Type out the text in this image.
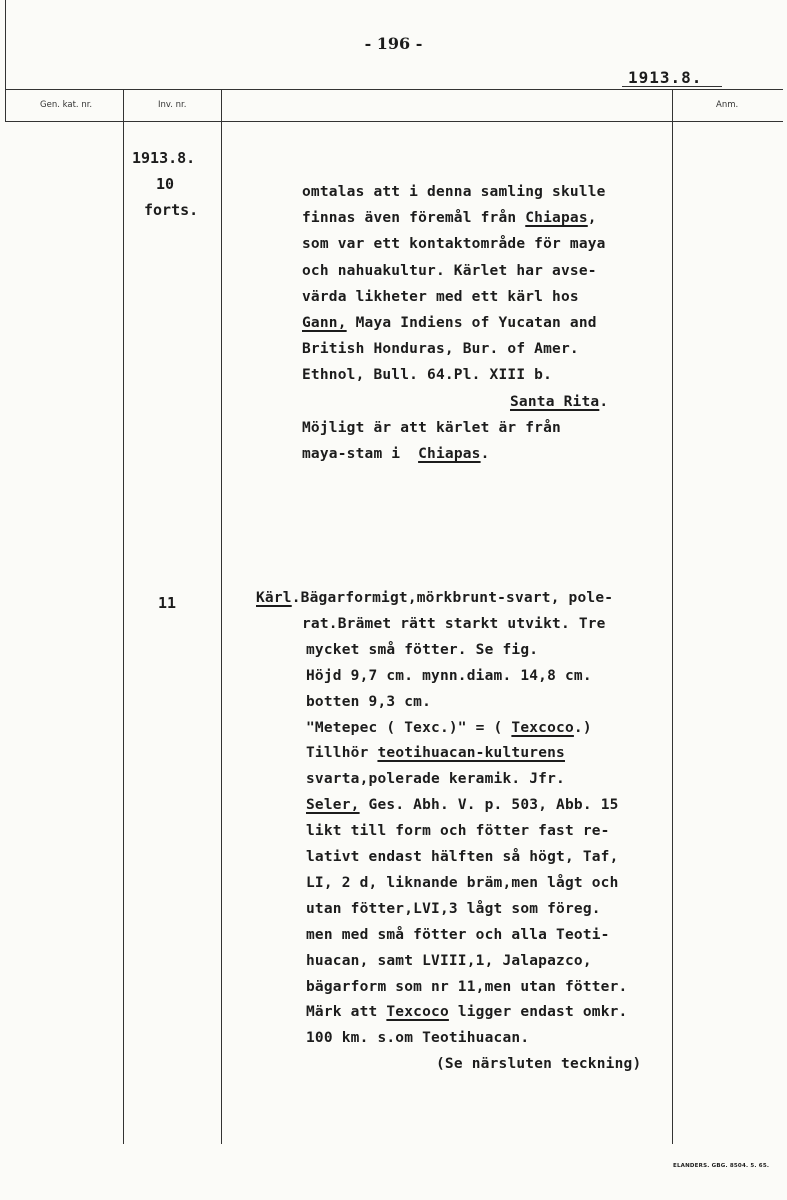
- 196 -
1913.8.
Gen. kat. nr.	Inv. nr.	Anm.
1913.8.
10
forts.
11
omtalas att i denna samling skulle
finnas även föremål från Chiapas,
som var ett kontaktområde för maya
och nahuakultur. Kärlet har avse-
värda likheter med ett kärl hos
Gann, Maya Indiens of Yucatan and
British Honduras, Bur. of Amer.
Ethnol, Bull. 64.Pl. XIII b.
Santa Rita.
Möjligt är att kärlet är från
maya-stam i  Chiapas.
Kärl.Bägarformigt,mörkbrunt-svart, pole-
rat.Brämet rätt starkt utvikt. Tre
mycket små fötter. Se fig.
Höjd 9,7 cm. mynn.diam. 14,8 cm.
botten 9,3 cm.
"Metepec ( Texc.)" = ( Texcoco.)
Tillhör teotihuacan-kulturens
svarta,polerade keramik. Jfr.
Seler, Ges. Abh. V. p. 503, Abb. 15
likt till form och fötter fast re-
lativt endast hälften så högt, Taf,
LI, 2 d, liknande bräm,men lågt och
utan fötter,LVI,3 lågt som föreg.
men med små fötter och alla Teoti-
huacan, samt LVIII,1, Jalapazco,
bägarform som nr 11,men utan fötter.
Märk att Texcoco ligger endast omkr.
100 km. s.om Teotihuacan.
(Se närsluten teckning)
ELANDERS. GBG. 8504. 5. 65.
